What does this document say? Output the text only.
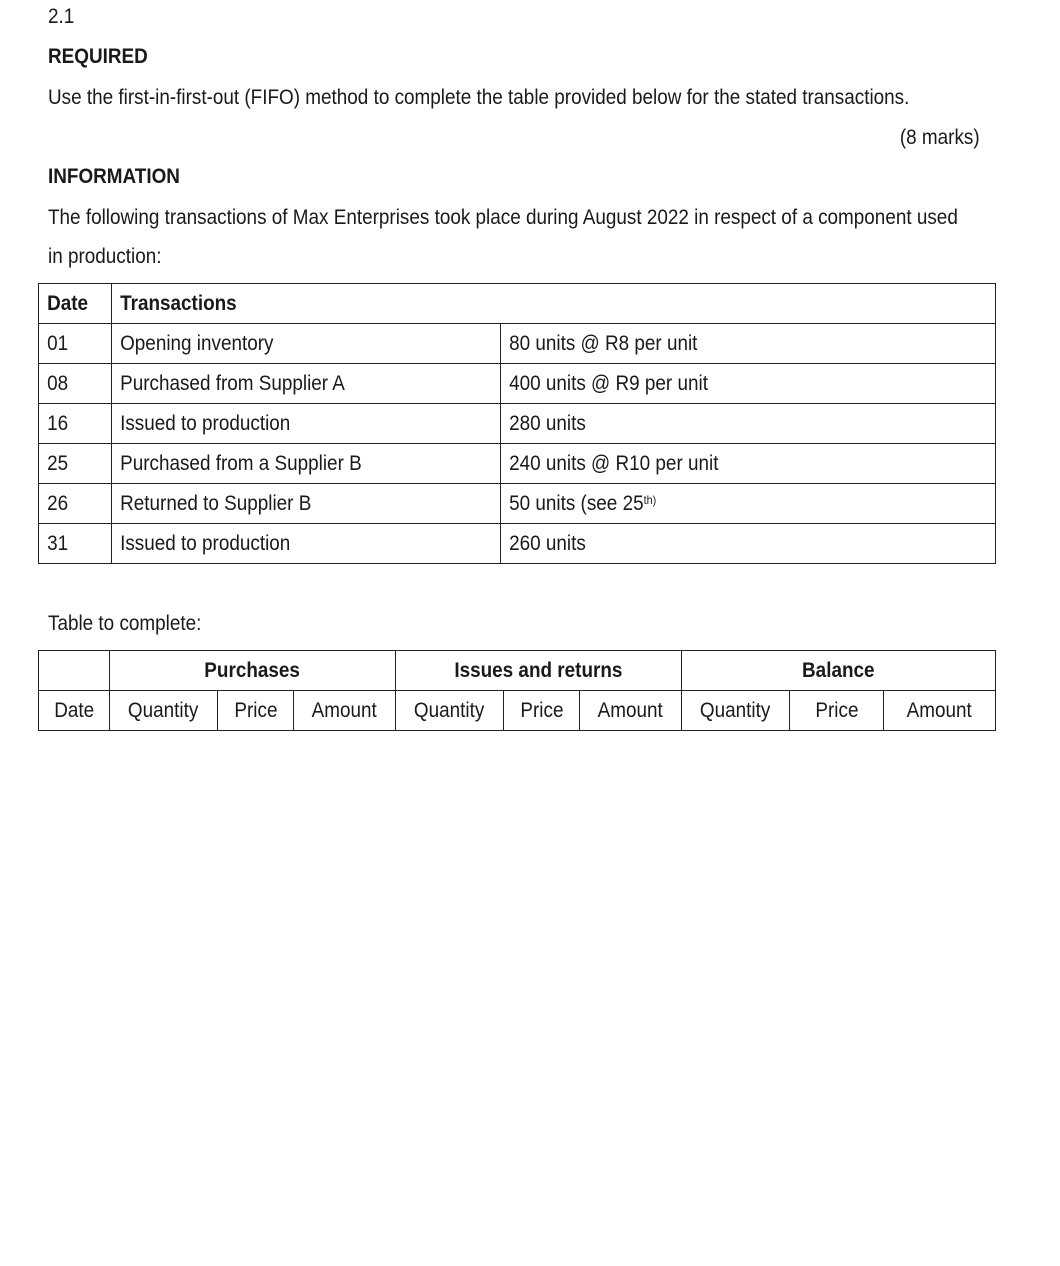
2.1
REQUIRED
Use the first-in-first-out (FIFO) method to complete the table provided below for the stated transactions.
(8 marks)
INFORMATION
The following transactions of Max Enterprises took place during August 2022 in respect of a component used
in production:
Date	Transactions	
01	Opening inventory	80 units @ R8 per unit
08	Purchased from Supplier A	400 units @ R9 per unit
16	Issued to production	280 units
25	Purchased from a Supplier B	240 units @ R10 per unit
26	Returned to Supplier B	50 units (see $25^{th)}$
31	Issued to production	260 units
Table to complete:
	Purchases			Issues and returns			Balance		
Date	Quantity	Price	Amount	Quantity	Price	Amount	Quantity	Price	Amount
